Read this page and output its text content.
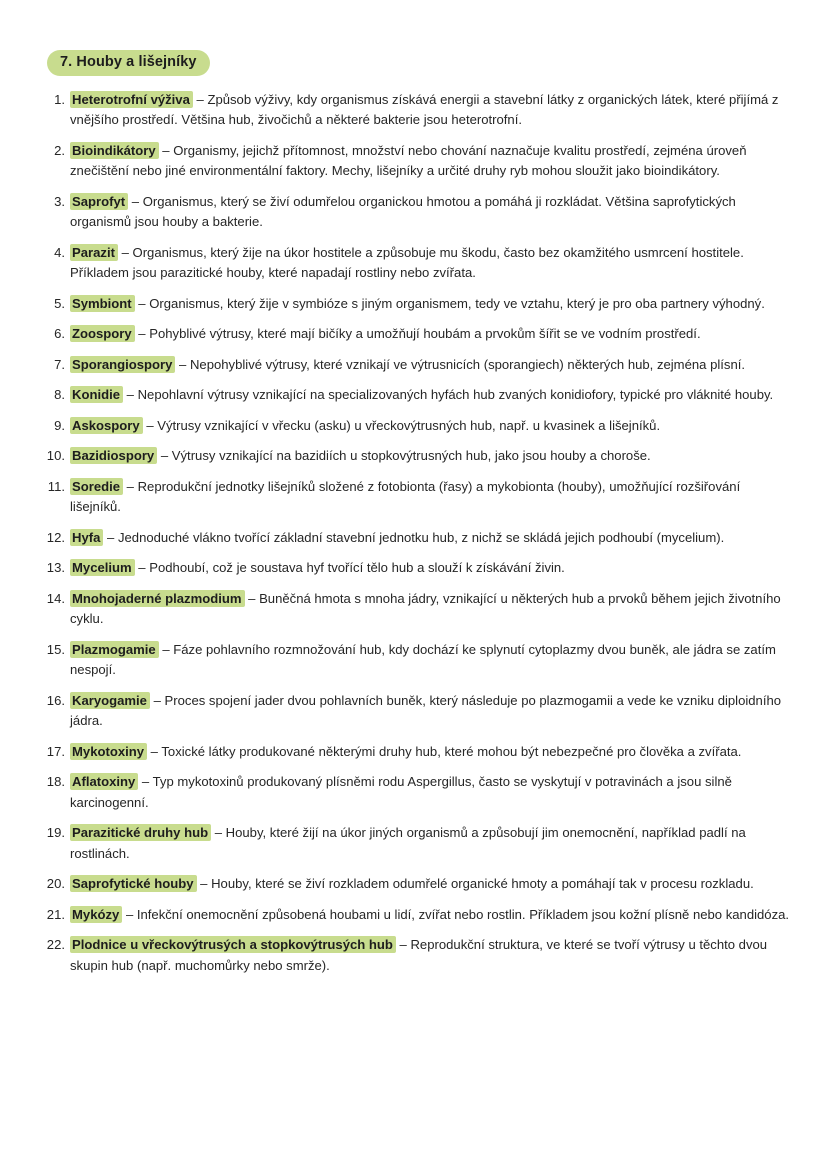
7. Houby a lišejníky
1. Heterotrofní výživa – Způsob výživy, kdy organismus získává energii a stavební látky z organických látek, které přijímá z vnějšího prostředí. Většina hub, živočichů a některé bakterie jsou heterotrofní.
2. Bioindikátory – Organismy, jejichž přítomnost, množství nebo chování naznačuje kvalitu prostředí, zejména úroveň znečištění nebo jiné environmentální faktory. Mechy, lišejníky a určité druhy ryb mohou sloužit jako bioindikátory.
3. Saprofyt – Organismus, který se živí odumřelou organickou hmotou a pomáhá ji rozkládat. Většina saprofytických organismů jsou houby a bakterie.
4. Parazit – Organismus, který žije na úkor hostitele a způsobuje mu škodu, často bez okamžitého usmrcení hostitele. Příkladem jsou parazitické houby, které napadají rostliny nebo zvířata.
5. Symbiont – Organismus, který žije v symbióze s jiným organismem, tedy ve vztahu, který je pro oba partnery výhodný.
6. Zoospory – Pohyblivé výtrusy, které mají bičíky a umožňují houbám a prvokům šířit se ve vodním prostředí.
7. Sporangiospory – Nepohyblivé výtrusy, které vznikají ve výtrusnicích (sporangiech) některých hub, zejména plísní.
8. Konidie – Nepohlavní výtrusy vznikající na specializovaných hyfách hub zvaných konidiofory, typické pro vláknité houby.
9. Askospory – Výtrusy vznikající v vřecku (asku) u vřeckovýtrusných hub, např. u kvasinek a lišejníků.
10. Bazidiospory – Výtrusy vznikající na bazidiích u stopkovýtrusných hub, jako jsou houby a choroše.
11. Soredie – Reprodukční jednotky lišejníků složené z fotobionta (řasy) a mykobionta (houby), umožňující rozšiřování lišejníků.
12. Hyfa – Jednoduché vlákno tvořící základní stavební jednotku hub, z nichž se skládá jejich podhoubí (mycelium).
13. Mycelium – Podhoubí, což je soustava hyf tvořící tělo hub a slouží k získávání živin.
14. Mnohojaderné plazmodium – Buněčná hmota s mnoha jádry, vznikající u některých hub a prvoků během jejich životního cyklu.
15. Plazmogamie – Fáze pohlavního rozmnožování hub, kdy dochází ke splynutí cytoplazmy dvou buněk, ale jádra se zatím nespojí.
16. Karyogamie – Proces spojení jader dvou pohlavních buněk, který následuje po plazmogamii a vede ke vzniku diploidního jádra.
17. Mykotoxiny – Toxické látky produkované některými druhy hub, které mohou být nebezpečné pro člověka a zvířata.
18. Aflatoxiny – Typ mykotoxinů produkovaný plísněmi rodu Aspergillus, často se vyskytují v potravinách a jsou silně karcinogenní.
19. Parazitické druhy hub – Houby, které žijí na úkor jiných organismů a způsobují jim onemocnění, například padlí na rostlinách.
20. Saprofytické houby – Houby, které se živí rozkladem odumřelé organické hmoty a pomáhají tak v procesu rozkladu.
21. Mykózy – Infekční onemocnění způsobená houbami u lidí, zvířat nebo rostlin. Příkladem jsou kožní plísně nebo kandidóza.
22. Plodnice u vřeckovýtrusých a stopkovýtrusých hub – Reprodukční struktura, ve které se tvoří výtrusy u těchto dvou skupin hub (např. muchomůrky nebo smrže).
